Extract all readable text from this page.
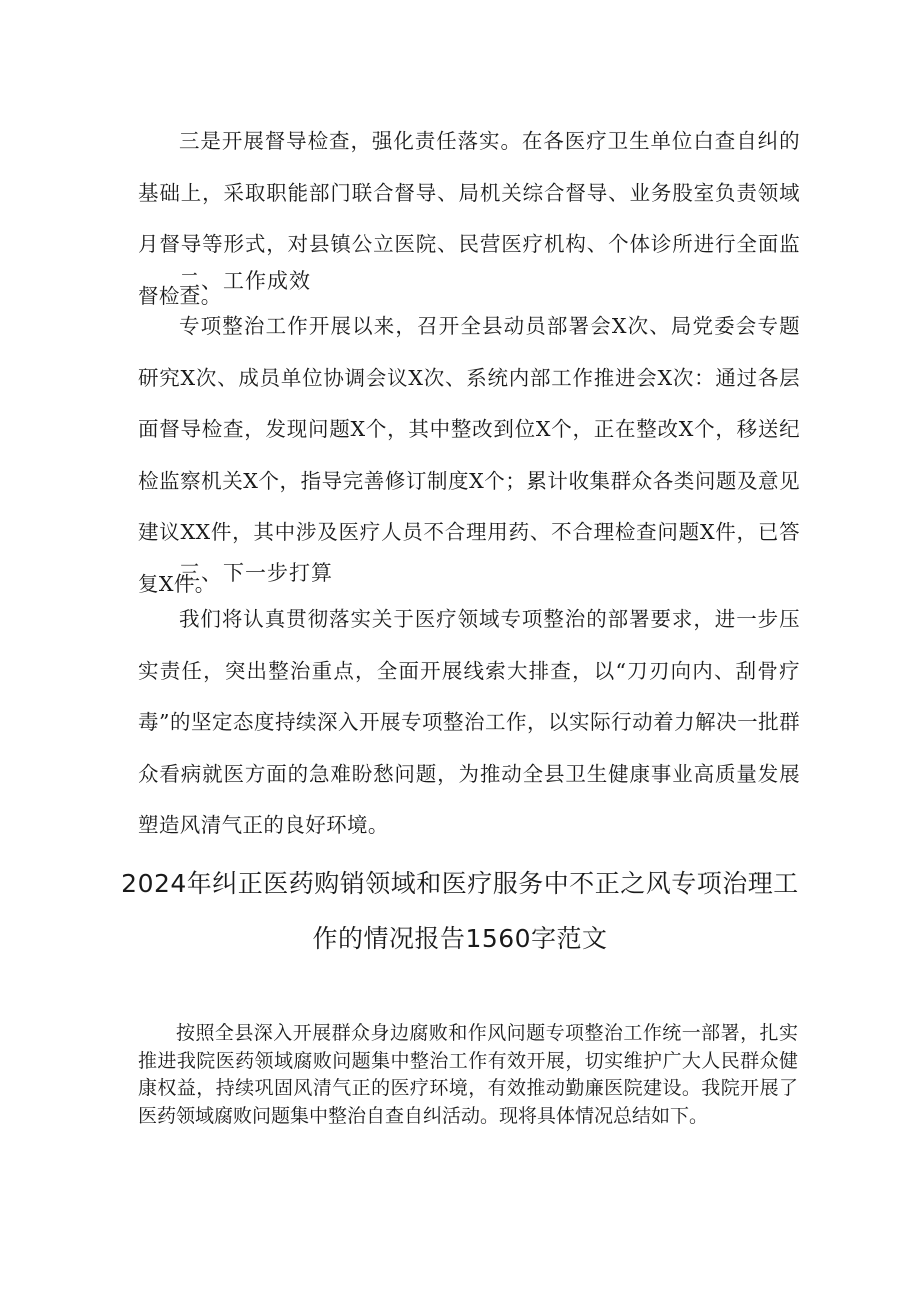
三是开展督导检查，强化责任落实。在各医疗卫生单位白查自纠的基础上，采取职能部门联合督导、局机关综合督导、业务股室负责领域月督导等形式，对县镇公立医院、民营医疗机构、个体诊所进行全面监督检查。

二、工作成效

专项整治工作开展以来，召开全县动员部署会X次、局党委会专题研究X次、成员单位协调会议X次、系统内部工作推进会X次：通过各层面督导检查，发现问题X个，其中整改到位X个，正在整改X个，移送纪检监察机关X个，指导完善修订制度X个；累计收集群众各类问题及意见建议XX件，其中涉及医疗人员不合理用药、不合理检查问题X件，已答复X件。

三、下一步打算

我们将认真贯彻落实关于医疗领域专项整治的部署要求，进一步压实责任，突出整治重点，全面开展线索大排查，以“刀刃向内、刮骨疗毒”的坚定态度持续深入开展专项整治工作，以实际行动着力解决一批群众看病就医方面的急难盼愁问题，为推动全县卫生健康事业高质量发展塑造风清气正的良好环境。

2024年纠正医药购销领域和医疗服务中不正之风专项治理工作的情况报告1560字范文

按照全县深入开展群众身边腐败和作风问题专项整治工作统一部署，扎实推进我院医药领域腐败问题集中整治工作有效开展，切实维护广大人民群众健康权益，持续巩固风清气正的医疗环境，有效推动勤廉医院建设。我院开展了医药领域腐败问题集中整治自查自纠活动。现将具体情况总结如下。
